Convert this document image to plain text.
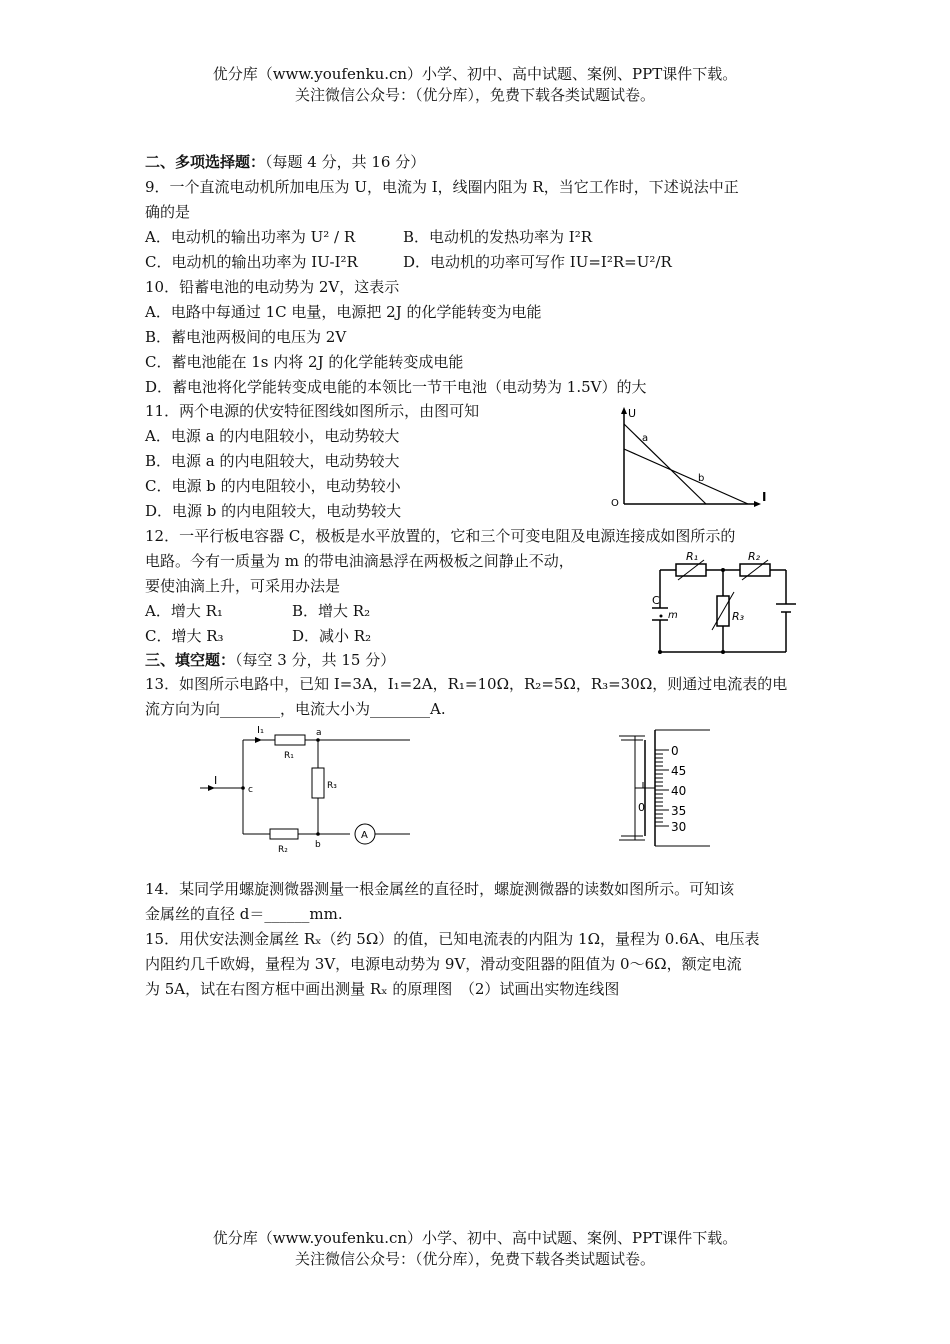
优分库（www.youfenku.cn）小学、初中、高中试题、案例、PPT课件下载。
关注微信公众号：（优分库），免费下载各类试题试卷。
二、多项选择题：（每题 4 分，共 16 分）
9．一个直流电动机所加电压为 U，电流为 I，线圈内阻为 R，当它工作时，下述说法中正
确的是
A．电动机的输出功率为 U² / R	B．电动机的发热功率为 I²R
C．电动机的输出功率为 IU-I²R	D．电动机的功率可写作 IU=I²R=U²/R
10．铅蓄电池的电动势为 2V，这表示
A．电路中每通过 1C 电量，电源把 2J 的化学能转变为电能
B．蓄电池两极间的电压为 2V
C．蓄电池能在 1s 内将 2J 的化学能转变成电能
D．蓄电池将化学能转变成电能的本领比一节干电池（电动势为 1.5V）的大
11．两个电源的伏安特征图线如图所示，由图可知
A．电源 a 的内电阻较小，电动势较大
B．电源 a 的内电阻较大，电动势较大
C．电源 b 的内电阻较小，电动势较小
D．电源 b 的内电阻较大，电动势较大
U
I
O
a
b
12．一平行板电容器 C，极板是水平放置的，它和三个可变电阻及电源连接成如图所示的
电路。今有一质量为 m 的带电油滴悬浮在两极板之间静止不动，
要使油滴上升，可采用办法是
A．增大 R₁	B．增大 R₂
C．增大 R₃	D．减小 R₂
R₁	R₂
R₃
C
m
三、填空题：（每空 3 分，共 15 分）
13．如图所示电路中，已知 I=3A，I₁=2A，R₁=10Ω，R₂=5Ω，R₃=30Ω，则通过电流表的电
流方向为向________，电流大小为________A.
I
I₁
R₁
R₂
R₃
a
b
c
A
0
45
40
35
30
0
14．某同学用螺旋测微器测量一根金属丝的直径时，螺旋测微器的读数如图所示。可知该
金属丝的直径 d＝______mm.
15．用伏安法测金属丝 Rₓ（约 5Ω）的值，已知电流表的内阻为 1Ω，量程为 0.6A、电压表
内阻约几千欧姆，量程为 3V，电源电动势为 9V，滑动变阻器的阻值为 0～6Ω，额定电流
为 5A，试在右图方框中画出测量 Rₓ 的原理图　（2）试画出实物连线图
优分库（www.youfenku.cn）小学、初中、高中试题、案例、PPT课件下载。
关注微信公众号：（优分库），免费下载各类试题试卷。
